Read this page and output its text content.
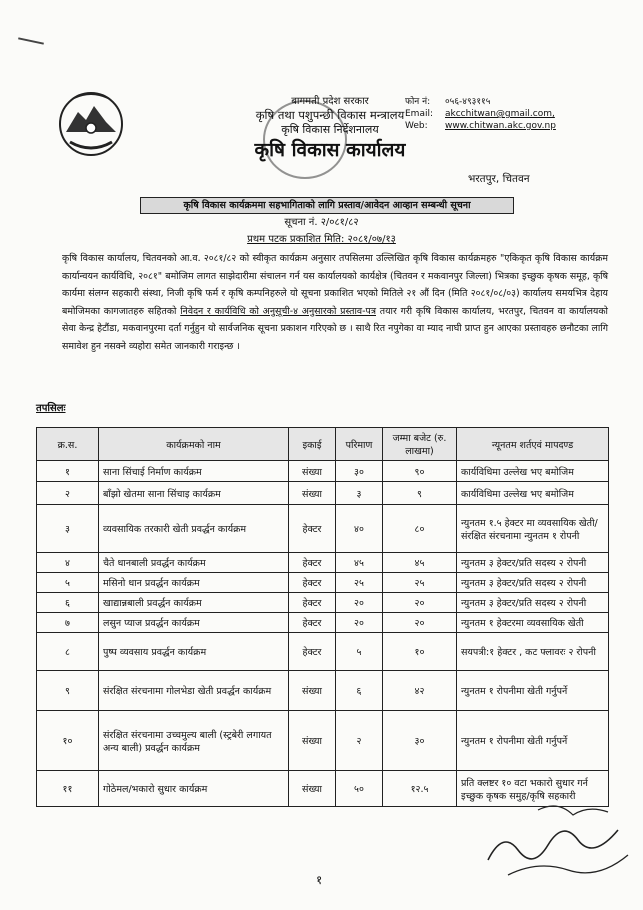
बागमती प्रदेश सरकार
कृषि तथा पशुपन्छी विकास मन्त्रालय
कृषि विकास निर्देशनालय
कृषि विकास कार्यालय
फोन नं: ०५६-४९३११५
Email: akcchitwan@gmail.com,
Web: www.chitwan.akc.gov.np
भरतपुर, चितवन
कृषि विकास कार्यक्रममा सहभागिताको लागि प्रस्ताव/आवेदन आव्हान सम्बन्धी सूचना
सूचना नं. २/०८१/८२
प्रथम पटक प्रकाशित मिति: २०८१/०७/१३
कृषि विकास कार्यालय, चितवनको आ.व. २०८१/८२ को स्वीकृत कार्यक्रम अनुसार तपसिलमा उल्लिखित कृषि विकास कार्यक्रमहरु "एकिकृत कृषि विकास कार्यक्रम कार्यान्वयन कार्यविधि, २०८१" बमोजिम लागत साझेदारीमा संचालन गर्न यस कार्यालयको कार्यक्षेत्र (चितवन र मकवानपुर जिल्ला) भित्रका इच्छुक कृषक समूह, कृषि कार्यमा संलग्न सहकारी संस्था, निजी कृषि फर्म र कृषि कम्पनिहरुले यो सूचना प्रकाशित भएको मितिले २१ औं दिन (मिति २०८१/०८/०३) कार्यालय समयभित्र देहाय बमोजिमका कागजातहरु सहितको निवेदन र कार्यविधि को अनुसूची-४ अनुसारको प्रस्ताव-पत्र तयार गरी कृषि विकास कार्यालय, भरतपुर, चितवन वा कार्यालयको सेवा केन्द्र हेटौंडा, मकवानपुरमा दर्ता गर्नुहुन यो सार्वजनिक सूचना प्रकाशन गरिएको छ । साथै रित नपुगेका वा म्याद नाघी प्राप्त हुन आएका प्रस्तावहरु छनौटका लागि समावेश हुन नसक्ने व्यहोरा समेत जानकारी गराइन्छ ।
तपसिलः
क्र.स.	कार्यक्रमको नाम	इकाई	परिमाण	जम्मा बजेट (रु. लाखमा)	न्यूनतम शर्तएवं मापदण्ड
१	साना सिंचाई निर्माण कार्यक्रम	संख्या	३०	९०	कार्यविधिमा उल्लेख भए बमोजिम
२	बाँझो खेतमा साना सिंचाइ कार्यक्रम	संख्या	३	९	कार्यविधिमा उल्लेख भए बमोजिम
३	व्यवसायिक तरकारी खेती प्रवर्द्धन कार्यक्रम	हेक्टर	४०	८०	न्युनतम १.५ हेक्टर मा व्यवसायिक खेती/संरक्षित संरचनामा न्युनतम १ रोपनी
४	चैते धानबाली प्रवर्द्धन कार्यक्रम	हेक्टर	४५	४५	न्युनतम ३ हेक्टर/प्रति सदस्य २ रोपनी
५	मसिनो धान प्रवर्द्धन कार्यक्रम	हेक्टर	२५	२५	न्युनतम ३ हेक्टर/प्रति सदस्य २ रोपनी
६	खाद्यान्नबाली प्रवर्द्धन कार्यक्रम	हेक्टर	२०	२०	न्युनतम ३ हेक्टर/प्रति सदस्य २ रोपनी
७	लसुन प्याज प्रवर्द्धन कार्यक्रम	हेक्टर	२०	२०	न्युनतम १ हेक्टरमा व्यवसायिक खेती
८	पुष्प व्यवसाय प्रवर्द्धन कार्यक्रम	हेक्टर	५	१०	सयपत्री:१ हेक्टर , कट फ्लावरः २ रोपनी
९	संरक्षित संरचनामा गोलभेडा खेती प्रवर्द्धन कार्यक्रम	संख्या	६	४२	न्युनतम १ रोपनीमा खेती गर्नुपर्ने
१०	संरक्षित संरचनामा उच्चमुल्य बाली (स्ट्रबेरी लगायत अन्य बाली) प्रवर्द्धन कार्यक्रम	संख्या	२	३०	न्युनतम १ रोपनीमा खेती गर्नुपर्ने
११	गोठेमल/भकारो सुधार कार्यक्रम	संख्या	५०	१२.५	प्रति क्लष्टर १० वटा भकारो सुधार गर्न इच्छुक कृषक समुह/कृषि सहकारी
१
